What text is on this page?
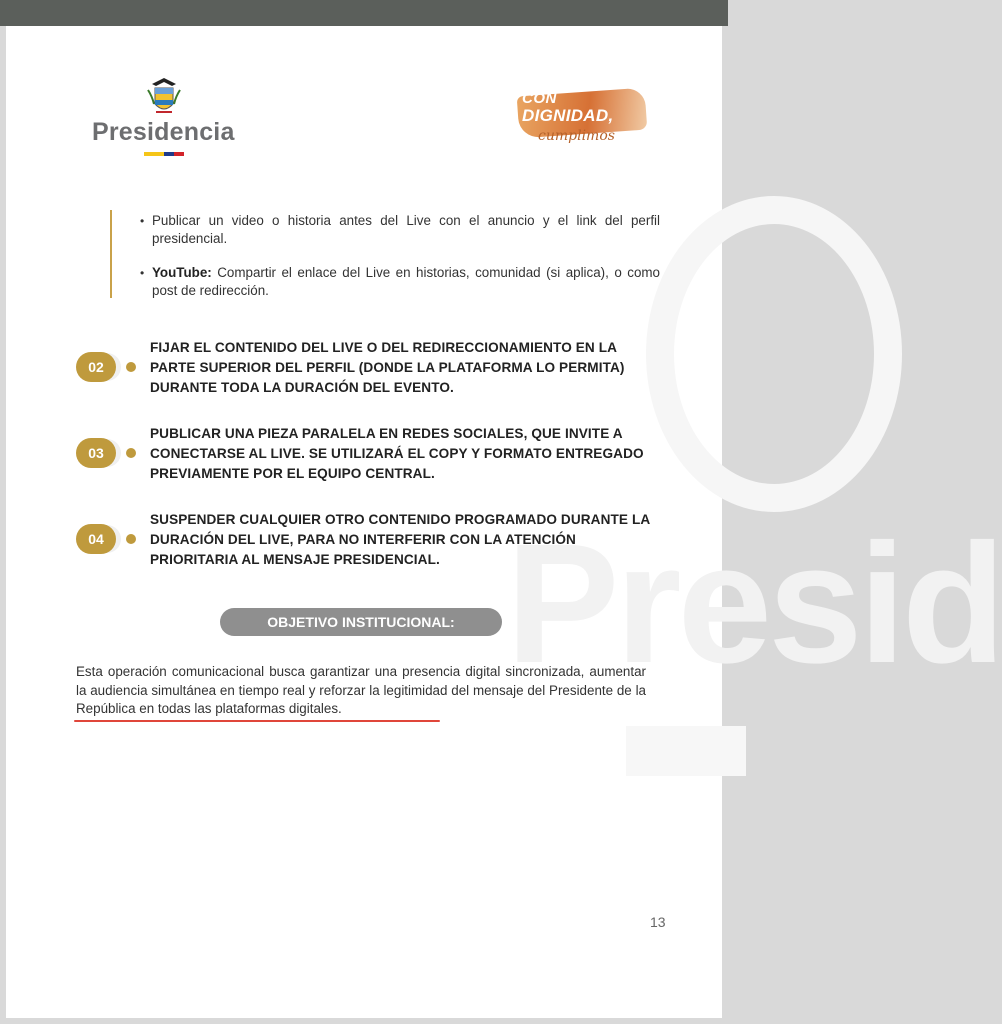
Presid
Presidencia
CON
DIGNIDAD,
cumplimos
• Publicar un video o historia antes del Live con el anuncio y el link del perfil presidencial.
• YouTube: Compartir el enlace del Live en historias, comunidad (si aplica), o como post de redirección.
02
FIJAR EL CONTENIDO DEL LIVE O DEL REDIRECCIONAMIENTO EN LA PARTE SUPERIOR DEL PERFIL (DONDE LA PLATAFORMA LO PERMITA) DURANTE TODA LA DURACIÓN DEL EVENTO.
03
PUBLICAR UNA PIEZA PARALELA EN REDES SOCIALES, QUE INVITE A CONECTARSE AL LIVE. SE UTILIZARÁ EL COPY Y FORMATO ENTREGADO PREVIAMENTE POR EL EQUIPO CENTRAL.
04
SUSPENDER CUALQUIER OTRO CONTENIDO PROGRAMADO DURANTE LA DURACIÓN DEL LIVE, PARA NO INTERFERIR CON LA ATENCIÓN PRIORITARIA AL MENSAJE PRESIDENCIAL.
OBJETIVO INSTITUCIONAL:
Esta operación comunicacional busca garantizar una presencia digital sincronizada, aumentar la audiencia simultánea en tiempo real y reforzar la legitimidad del mensaje del Presidente de la República en todas las plataformas digitales.
13
